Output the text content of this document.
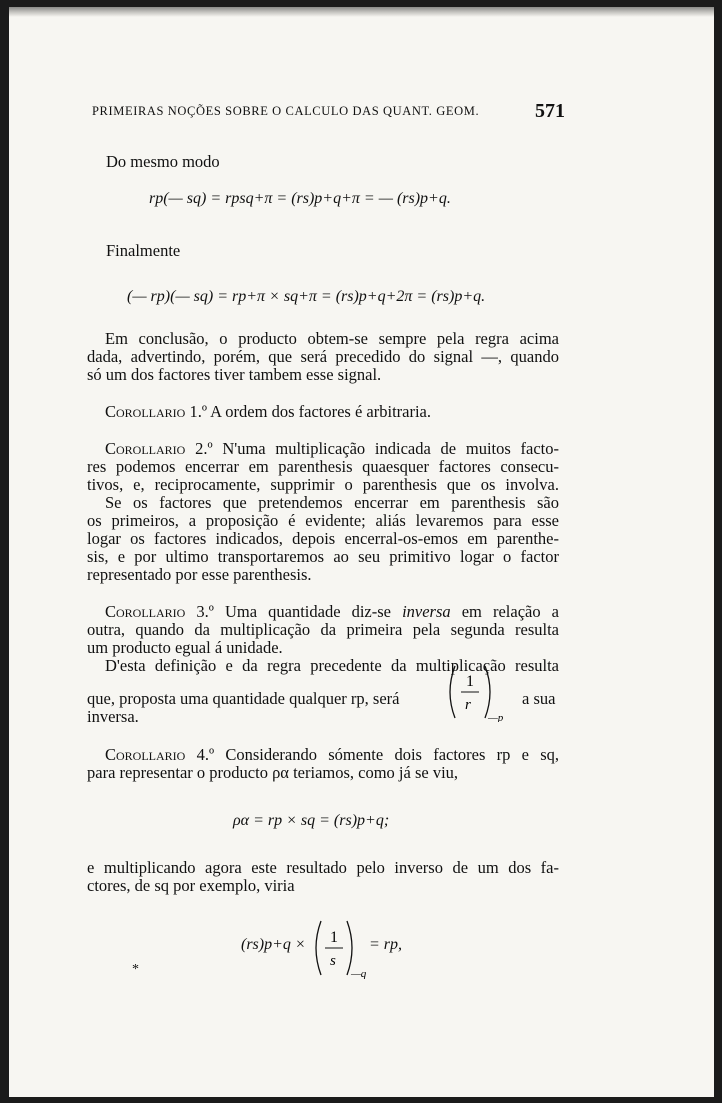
PRIMEIRAS NOÇÕES SOBRE O CALCULO DAS QUANT. GEOM.	571

Do mesmo modo

rp(— sq) = rpsq+π = (rs)p+q+π = — (rs)p+q.

Finalmente

(— rp)(— sq) = rp+π × sq+π = (rs)p+q+2π = (rs)p+q.

Em conclusão, o producto obtem-se sempre pela regra acima

dada, advertindo, porém, que será precedido do signal —, quando

só um dos factores tiver tambem esse signal.

Corollario 1.º A ordem dos factores é arbitraria.

Corollario 2.º N'uma multiplicação indicada de muitos facto-

res podemos encerrar em parenthesis quaesquer factores consecu-

tivos, e, reciprocamente, supprimir o parenthesis que os involva.

Se os factores que pretendemos encerrar em parenthesis são

os primeiros, a proposição é evidente; aliás levaremos para esse

logar os factores indicados, depois encerral-os-emos em parenthe-

sis, e por ultimo transportaremos ao seu primitivo logar o factor

representado por esse parenthesis.

Corollario 3.º Uma quantidade diz-se inversa em relação a

outra, quando da multiplicação da primeira pela segunda resulta

um producto egual á unidade.

D'esta definição e da regra precedente da multiplicação resulta

que, proposta uma quantidade qualquer rp, será

1
r
—p

a sua

inversa.

Corollario 4.º Considerando sómente dois factores rp e sq,

para representar o producto ρα teriamos, como já se viu,

ρα = rp × sq = (rs)p+q;

e multiplicando agora este resultado pelo inverso de um dos fa-

ctores, de sq por exemplo, viria

(rs)p+q × 1
s
—q
= rp,
*
